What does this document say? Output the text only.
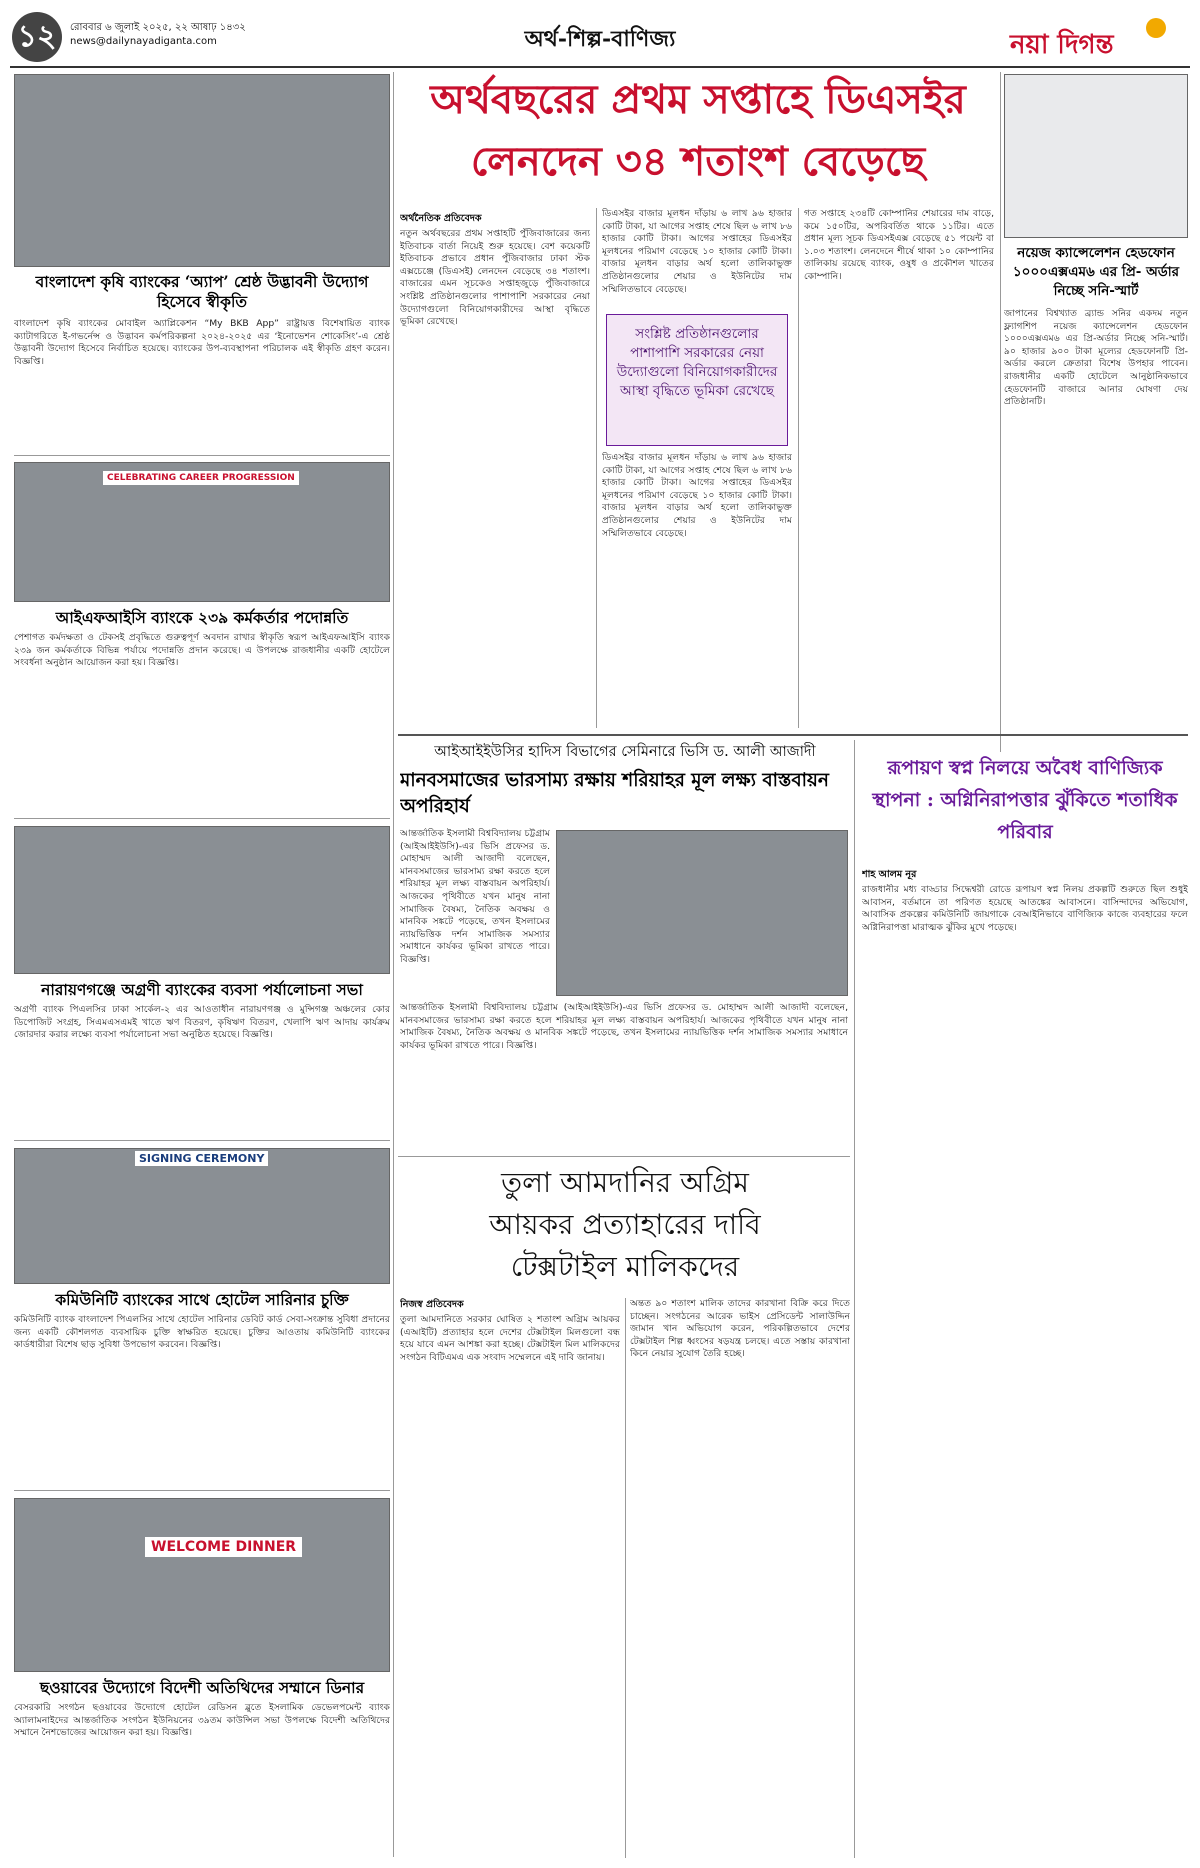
১২	রোববার ৬ জুলাই ২০২৫, ২২ আষাঢ় ১৪৩২
news@dailynayadiganta.com	অর্থ-শিল্প-বাণিজ্য	নয়া দিগন্ত
বাংলাদেশ কৃষি ব্যাংকের ‘অ্যাপ’ শ্রেষ্ঠ উদ্ভাবনী উদ্যোগ হিসেবে স্বীকৃতি
বাংলাদেশ কৃষি ব্যাংকের মোবাইল অ্যাপ্লিকেশন “My BKB App” রাষ্ট্রায়ত্ত বিশেষায়িত ব্যাংক ক্যাটাগরিতে ই-গভর্নেন্স ও উদ্ভাবন কর্মপরিকল্পনা ২০২৪-২০২৫ এর ‘ইনোভেশন শোকেসিং’-এ শ্রেষ্ঠ উদ্ভাবনী উদ্যোগ হিসেবে নির্বাচিত হয়েছে। ব্যাংকের উপ-ব্যবস্থাপনা পরিচালক এই স্বীকৃতি গ্রহণ করেন। বিজ্ঞপ্তি।
CELEBRATING CAREER PROGRESSION
আইএফআইসি ব্যাংকে ২৩৯ কর্মকর্তার পদোন্নতি
পেশাগত কর্মদক্ষতা ও টেকসই প্রবৃদ্ধিতে গুরুত্বপূর্ণ অবদান রাখার স্বীকৃতি স্বরূপ আইএফআইসি ব্যাংক ২৩৯ জন কর্মকর্তাকে বিভিন্ন পর্যায়ে পদোন্নতি প্রদান করেছে। এ উপলক্ষে রাজধানীর একটি হোটেলে সংবর্ধনা অনুষ্ঠান আয়োজন করা হয়। বিজ্ঞপ্তি।
নারায়ণগঞ্জে অগ্রণী ব্যাংকের ব্যবসা পর্যালোচনা সভা
অগ্রণী ব্যাংক পিএলসির ঢাকা সার্কেল-২ এর আওতাধীন নারায়ণগঞ্জ ও মুন্সিগঞ্জ অঞ্চলের কোর ডিপোজিট সংগ্রহ, সিএমএসএমই খাতে ঋণ বিতরণ, কৃষিঋণ বিতরণ, খেলাপি ঋণ আদায় কার্যক্রম জোরদার করার লক্ষ্যে ব্যবসা পর্যালোচনা সভা অনুষ্ঠিত হয়েছে। বিজ্ঞপ্তি।
SIGNING CEREMONY
কমিউনিটি ব্যাংকের সাথে হোটেল সারিনার চুক্তি
কমিউনিটি ব্যাংক বাংলাদেশ পিএলসির সাথে হোটেল সারিনার ডেবিট কার্ড সেবা-সংক্রান্ত সুবিধা প্রদানের জন্য একটি কৌশলগত ব্যবসায়িক চুক্তি স্বাক্ষরিত হয়েছে। চুক্তির আওতায় কমিউনিটি ব্যাংকের কার্ডধারীরা বিশেষ ছাড় সুবিধা উপভোগ করবেন। বিজ্ঞপ্তি।
WELCOME DINNER
ছওয়াবের উদ্যোগে বিদেশী অতিথিদের সম্মানে ডিনার
বেসরকারি সংগঠন ছওয়াবের উদ্যোগে হোটেল রেডিসন ব্লুতে ইসলামিক ডেভেলপমেন্ট ব্যাংক অ্যালামনাইদের আন্তর্জাতিক সংগঠন ইউনিয়নের ৩৯তম কাউন্সিল সভা উপলক্ষে বিদেশী অতিথিদের সম্মানে নৈশভোজের আয়োজন করা হয়। বিজ্ঞপ্তি।
অর্থবছরের প্রথম সপ্তাহে ডিএসইর
লেনদেন ৩৪ শতাংশ বেড়েছে
অর্থনৈতিক প্রতিবেদক
নতুন অর্থবছরের প্রথম সপ্তাহটি পুঁজিবাজারের জন্য ইতিবাচক বার্তা নিয়েই শুরু হয়েছে। বেশ কয়েকটি ইতিবাচক প্রভাবে প্রধান পুঁজিবাজার ঢাকা স্টক এক্সচেঞ্জে (ডিএসই) লেনদেন বেড়েছে ৩৪ শতাংশ। বাজারের এমন সূচকেও সপ্তাহজুড়ে পুঁজিবাজারে সংশ্লিষ্ট প্রতিষ্ঠানগুলোর পাশাপাশি সরকারের নেয়া উদ্যোগগুলো বিনিয়োগকারীদের আস্থা বৃদ্ধিতে ভূমিকা রেখেছে।
ডিএসইর বাজার মূলধন দাঁড়ায় ৬ লাখ ৯৬ হাজার কোটি টাকা, যা আগের সপ্তাহ শেষে ছিল ৬ লাখ ৮৬ হাজার কোটি টাকা। আগের সপ্তাহের ডিএসইর মূলধনের পরিমাণ বেড়েছে ১০ হাজার কোটি টাকা। বাজার মূলধন বাড়ার অর্থ হলো তালিকাভুক্ত প্রতিষ্ঠানগুলোর শেয়ার ও ইউনিটের দাম সম্মিলিতভাবে বেড়েছে।
সংশ্লিষ্ট প্রতিষ্ঠানগুলোর পাশাপাশি সরকারের নেয়া উদ্যোগুলো বিনিয়োগকারীদের আস্থা বৃদ্ধিতে ভূমিকা রেখেছে
ডিএসইর বাজার মূলধন দাঁড়ায় ৬ লাখ ৯৬ হাজার কোটি টাকা, যা আগের সপ্তাহ শেষে ছিল ৬ লাখ ৮৬ হাজার কোটি টাকা। আগের সপ্তাহের ডিএসইর মূলধনের পরিমাণ বেড়েছে ১০ হাজার কোটি টাকা। বাজার মূলধন বাড়ার অর্থ হলো তালিকাভুক্ত প্রতিষ্ঠানগুলোর শেয়ার ও ইউনিটের দাম সম্মিলিতভাবে বেড়েছে।
গত সপ্তাহে ২৩৪টি কোম্পানির শেয়ারের দাম বাড়ে, কমে ১৫০টির, অপরিবর্তিত থাকে ১১টির। এতে প্রধান মূল্য সূচক ডিএসইএক্স বেড়েছে ৫১ পয়েন্ট বা ১.০৩ শতাংশ। লেনদেনে শীর্ষে থাকা ১০ কোম্পানির তালিকায় রয়েছে ব্যাংক, ওষুধ ও প্রকৌশল খাতের কোম্পানি।
নয়েজ ক্যান্সেলেশন হেডফোন ১০০০এক্সএম৬ এর প্রি- অর্ডার নিচ্ছে সনি-স্মার্ট
জাপানের বিশ্বখ্যাত ব্র্যান্ড সনির একদম নতুন ফ্ল্যাগশিপ নয়েজ ক্যান্সেলেশন হেডফোন ১০০০এক্সএম৬ এর প্রি-অর্ডার নিচ্ছে সনি-স্মার্ট। ৯০ হাজার ৯০০ টাকা মূল্যের হেডফোনটি প্রি-অর্ডার করলে ক্রেতারা বিশেষ উপহার পাবেন। রাজধানীর একটি হোটেলে আনুষ্ঠানিকভাবে হেডফোনটি বাজারে আনার ঘোষণা দেয় প্রতিষ্ঠানটি।
আইআইইউসির হাদিস বিভাগের সেমিনারে ভিসি ড. আলী আজাদী
মানবসমাজের ভারসাম্য রক্ষায় শরিয়াহর মূল লক্ষ্য বাস্তবায়ন অপরিহার্য
আন্তর্জাতিক ইসলামী বিশ্ববিদ্যালয় চট্টগ্রাম (আইআইইউসি)-এর ভিসি প্রফেসর ড. মোহাম্মদ আলী আজাদী বলেছেন, মানবসমাজের ভারসাম্য রক্ষা করতে হলে শরিয়াহর মূল লক্ষ্য বাস্তবায়ন অপরিহার্য। আজকের পৃথিবীতে যখন মানুষ নানা সামাজিক বৈষম্য, নৈতিক অবক্ষয় ও মানবিক সঙ্কটে পড়েছে, তখন ইসলামের ন্যায়ভিত্তিক দর্শন সামাজিক সমস্যার সমাধানে কার্যকর ভূমিকা রাখতে পারে। বিজ্ঞপ্তি।
আন্তর্জাতিক ইসলামী বিশ্ববিদ্যালয় চট্টগ্রাম (আইআইইউসি)-এর ভিসি প্রফেসর ড. মোহাম্মদ আলী আজাদী বলেছেন, মানবসমাজের ভারসাম্য রক্ষা করতে হলে শরিয়াহর মূল লক্ষ্য বাস্তবায়ন অপরিহার্য। আজকের পৃথিবীতে যখন মানুষ নানা সামাজিক বৈষম্য, নৈতিক অবক্ষয় ও মানবিক সঙ্কটে পড়েছে, তখন ইসলামের ন্যায়ভিত্তিক দর্শন সামাজিক সমস্যার সমাধানে কার্যকর ভূমিকা রাখতে পারে। বিজ্ঞপ্তি।
রূপায়ণ স্বপ্ন নিলয়ে অবৈধ বাণিজ্যিক স্থাপনা : অগ্নিনিরাপত্তার ঝুঁকিতে শতাধিক পরিবার
শাহ আলম নূর
রাজধানীর মধ্য বাড্ডার সিদ্ধেশ্বরী রোডে রূপায়ণ স্বপ্ন নিলয় প্রকল্পটি শুরুতে ছিল শুধুই আবাসন, বর্তমানে তা পরিণত হয়েছে আতঙ্কের আবাসনে। বাসিন্দাদের অভিযোগ, আবাসিক প্রকল্পের কমিউনিটি জায়গাকে বেআইনিভাবে বাণিজ্যিক কাজে ব্যবহারের ফলে অগ্নিনিরাপত্তা মারাত্মক ঝুঁকির মুখে পড়েছে।
তুলা আমদানির অগ্রিম
আয়কর প্রত্যাহারের দাবি
টেক্সটাইল মালিকদের
নিজস্ব প্রতিবেদক
তুলা আমদানিতে সরকার ঘোষিত ২ শতাংশ অগ্রিম আয়কর (এআইটি) প্রত্যাহার হলে দেশের টেক্সটাইল মিলগুলো বন্ধ হয়ে যাবে এমন আশঙ্কা করা হচ্ছে। টেক্সটাইল মিল মালিকদের সংগঠন বিটিএমএ এক সংবাদ সম্মেলনে এই দাবি জানায়।
অন্তত ৯০ শতাংশ মালিক তাদের কারখানা বিক্রি করে দিতে চাচ্ছেন। সংগঠনের আরেক ভাইস প্রেসিডেন্ট সালাউদ্দিন জামান খান অভিযোগ করেন, পরিকল্পিতভাবে দেশের টেক্সটাইল শিল্প ধ্বংসের ষড়যন্ত্র চলছে। এতে সস্তায় কারখানা কিনে নেয়ার সুযোগ তৈরি হচ্ছে।
